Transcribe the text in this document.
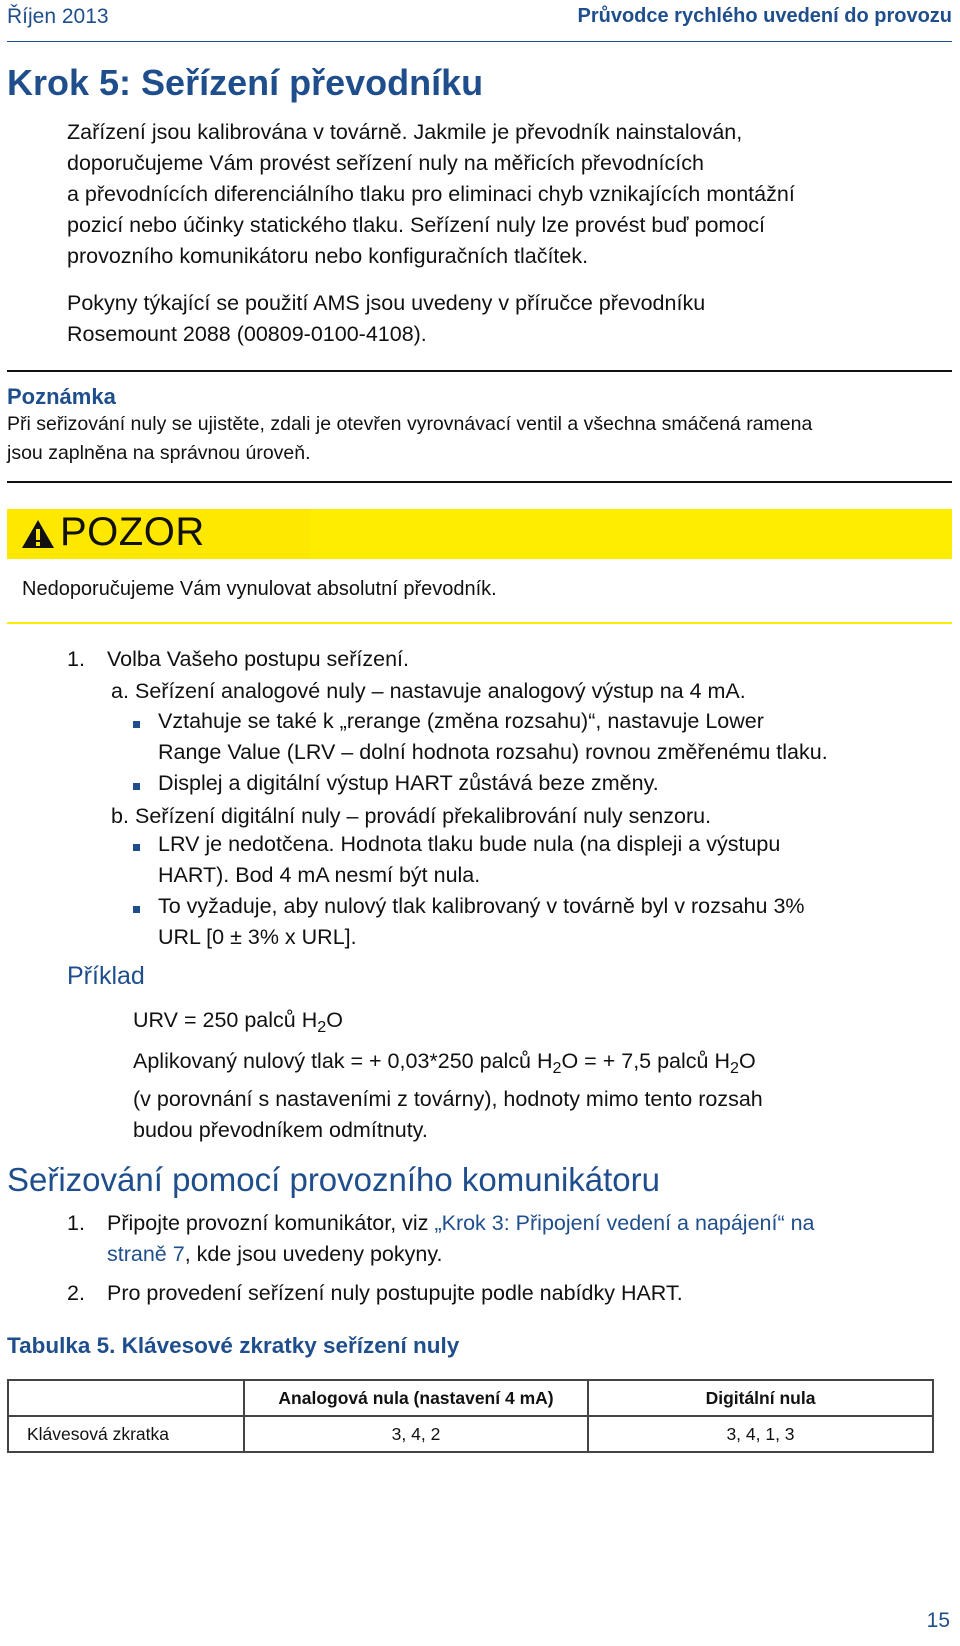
Říjen 2013	Průvodce rychlého uvedení do provozu
Krok 5: Seřízení převodníku
Zařízení jsou kalibrována v továrně. Jakmile je převodník nainstalován,
doporučujeme Vám provést seřízení nuly na měřicích převodnících
a převodnících diferenciálního tlaku pro eliminaci chyb vznikajících montážní
pozicí nebo účinky statického tlaku. Seřízení nuly lze provést buď pomocí
provozního komunikátoru nebo konfiguračních tlačítek.
Pokyny týkající se použití AMS jsou uvedeny v příručce převodníku
Rosemount 2088 (00809-0100-4108).
Poznámka
Při seřizování nuly se ujistěte, zdali je otevřen vyrovnávací ventil a všechna smáčená ramena
jsou zaplněna na správnou úroveň.
POZOR
Nedoporučujeme Vám vynulovat absolutní převodník.
1. Volba Vašeho postupu seřízení.
a. Seřízení analogové nuly – nastavuje analogový výstup na 4 mA.
Vztahuje se také k „rerange (změna rozsahu)“, nastavuje Lower
Range Value (LRV – dolní hodnota rozsahu) rovnou změřenému tlaku.
Displej a digitální výstup HART zůstává beze změny.
b. Seřízení digitální nuly – provádí překalibrování nuly senzoru.
LRV je nedotčena. Hodnota tlaku bude nula (na displeji a výstupu
HART). Bod 4 mA nesmí být nula.
To vyžaduje, aby nulový tlak kalibrovaný v továrně byl v rozsahu 3%
URL [0 ± 3% x URL].
Příklad
URV = 250 palců $H_2O$
Aplikovaný nulový tlak = + 0,03*250 palců $H_2O$ = + 7,5 palců $H_2O$
(v porovnání s nastaveními z továrny), hodnoty mimo tento rozsah
budou převodníkem odmítnuty.
Seřizování pomocí provozního komunikátoru
1. Připojte provozní komunikátor, viz „Krok 3: Připojení vedení a napájení“ na
straně 7, kde jsou uvedeny pokyny.
2. Pro provedení seřízení nuly postupujte podle nabídky HART.
Tabulka 5. Klávesové zkratky seřízení nuly
	Analogová nula (nastavení 4 mA)	Digitální nula
Klávesová zkratka	3, 4, 2	3, 4, 1, 3
15
